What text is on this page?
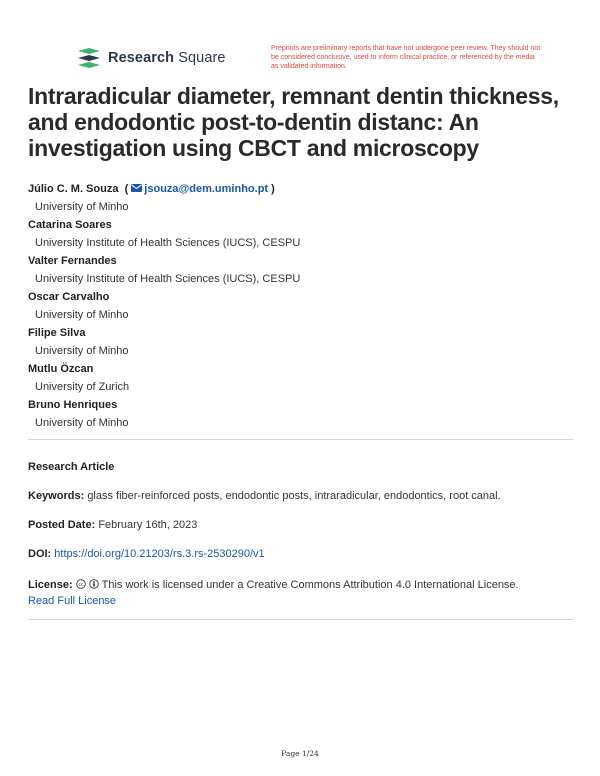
Research Square
Preprints are preliminary reports that have not undergone peer review. They should not be considered conclusive, used to inform clinical practice, or referenced by the media as validated information.
Intraradicular diameter, remnant dentin thickness, and endodontic post-to-dentin distanc: An investigation using CBCT and microscopy
Júlio C. M. Souza  ( jsouza@dem.uminho.pt )
University of Minho
Catarina Soares
University Institute of Health Sciences (IUCS), CESPU
Valter Fernandes
University Institute of Health Sciences (IUCS), CESPU
Oscar Carvalho
University of Minho
Filipe Silva
University of Minho
Mutlu Özcan
University of Zurich
Bruno Henriques
University of Minho
Research Article
Keywords: glass fiber-reinforced posts, endodontic posts, intraradicular, endodontics, root canal.
Posted Date: February 16th, 2023
DOI: https://doi.org/10.21203/rs.3.rs-2530290/v1
License: cc This work is licensed under a Creative Commons Attribution 4.0 International License.
Read Full License
Page 1/24
